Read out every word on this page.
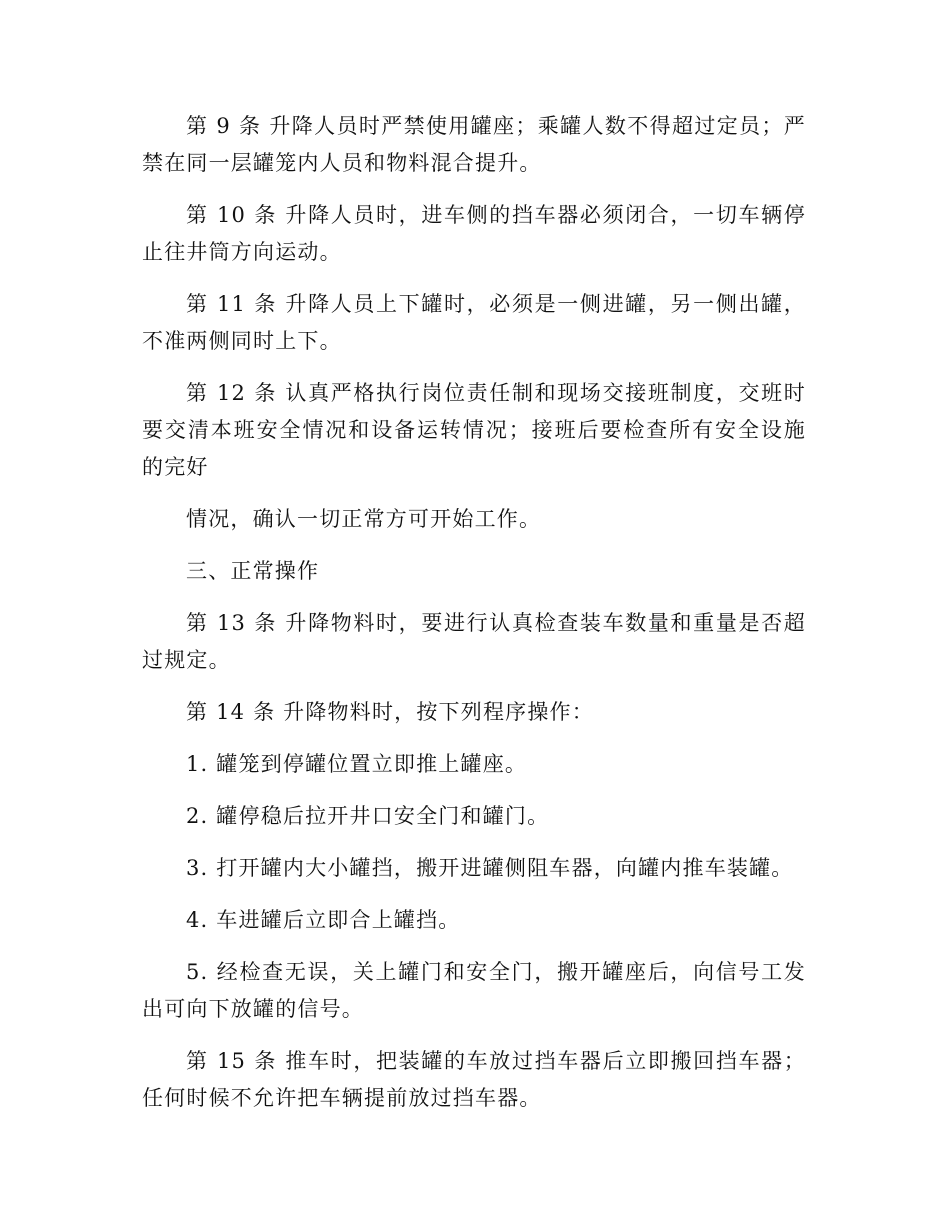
第 9 条 升降人员时严禁使用罐座；乘罐人数不得超过定员；严禁在同一层罐笼内人员和物料混合提升。

第 10 条 升降人员时，进车侧的挡车器必须闭合，一切车辆停止往井筒方向运动。

第 11 条 升降人员上下罐时，必须是一侧进罐，另一侧出罐，不准两侧同时上下。

第 12 条 认真严格执行岗位责任制和现场交接班制度，交班时要交清本班安全情况和设备运转情况；接班后要检查所有安全设施的完好

情况，确认一切正常方可开始工作。

三、正常操作

第 13 条 升降物料时，要进行认真检查装车数量和重量是否超过规定。

第 14 条 升降物料时，按下列程序操作：

1. 罐笼到停罐位置立即推上罐座。

2. 罐停稳后拉开井口安全门和罐门。

3. 打开罐内大小罐挡，搬开进罐侧阻车器，向罐内推车装罐。

4. 车进罐后立即合上罐挡。

5. 经检查无误，关上罐门和安全门，搬开罐座后，向信号工发出可向下放罐的信号。

第 15 条 推车时，把装罐的车放过挡车器后立即搬回挡车器；任何时候不允许把车辆提前放过挡车器。
